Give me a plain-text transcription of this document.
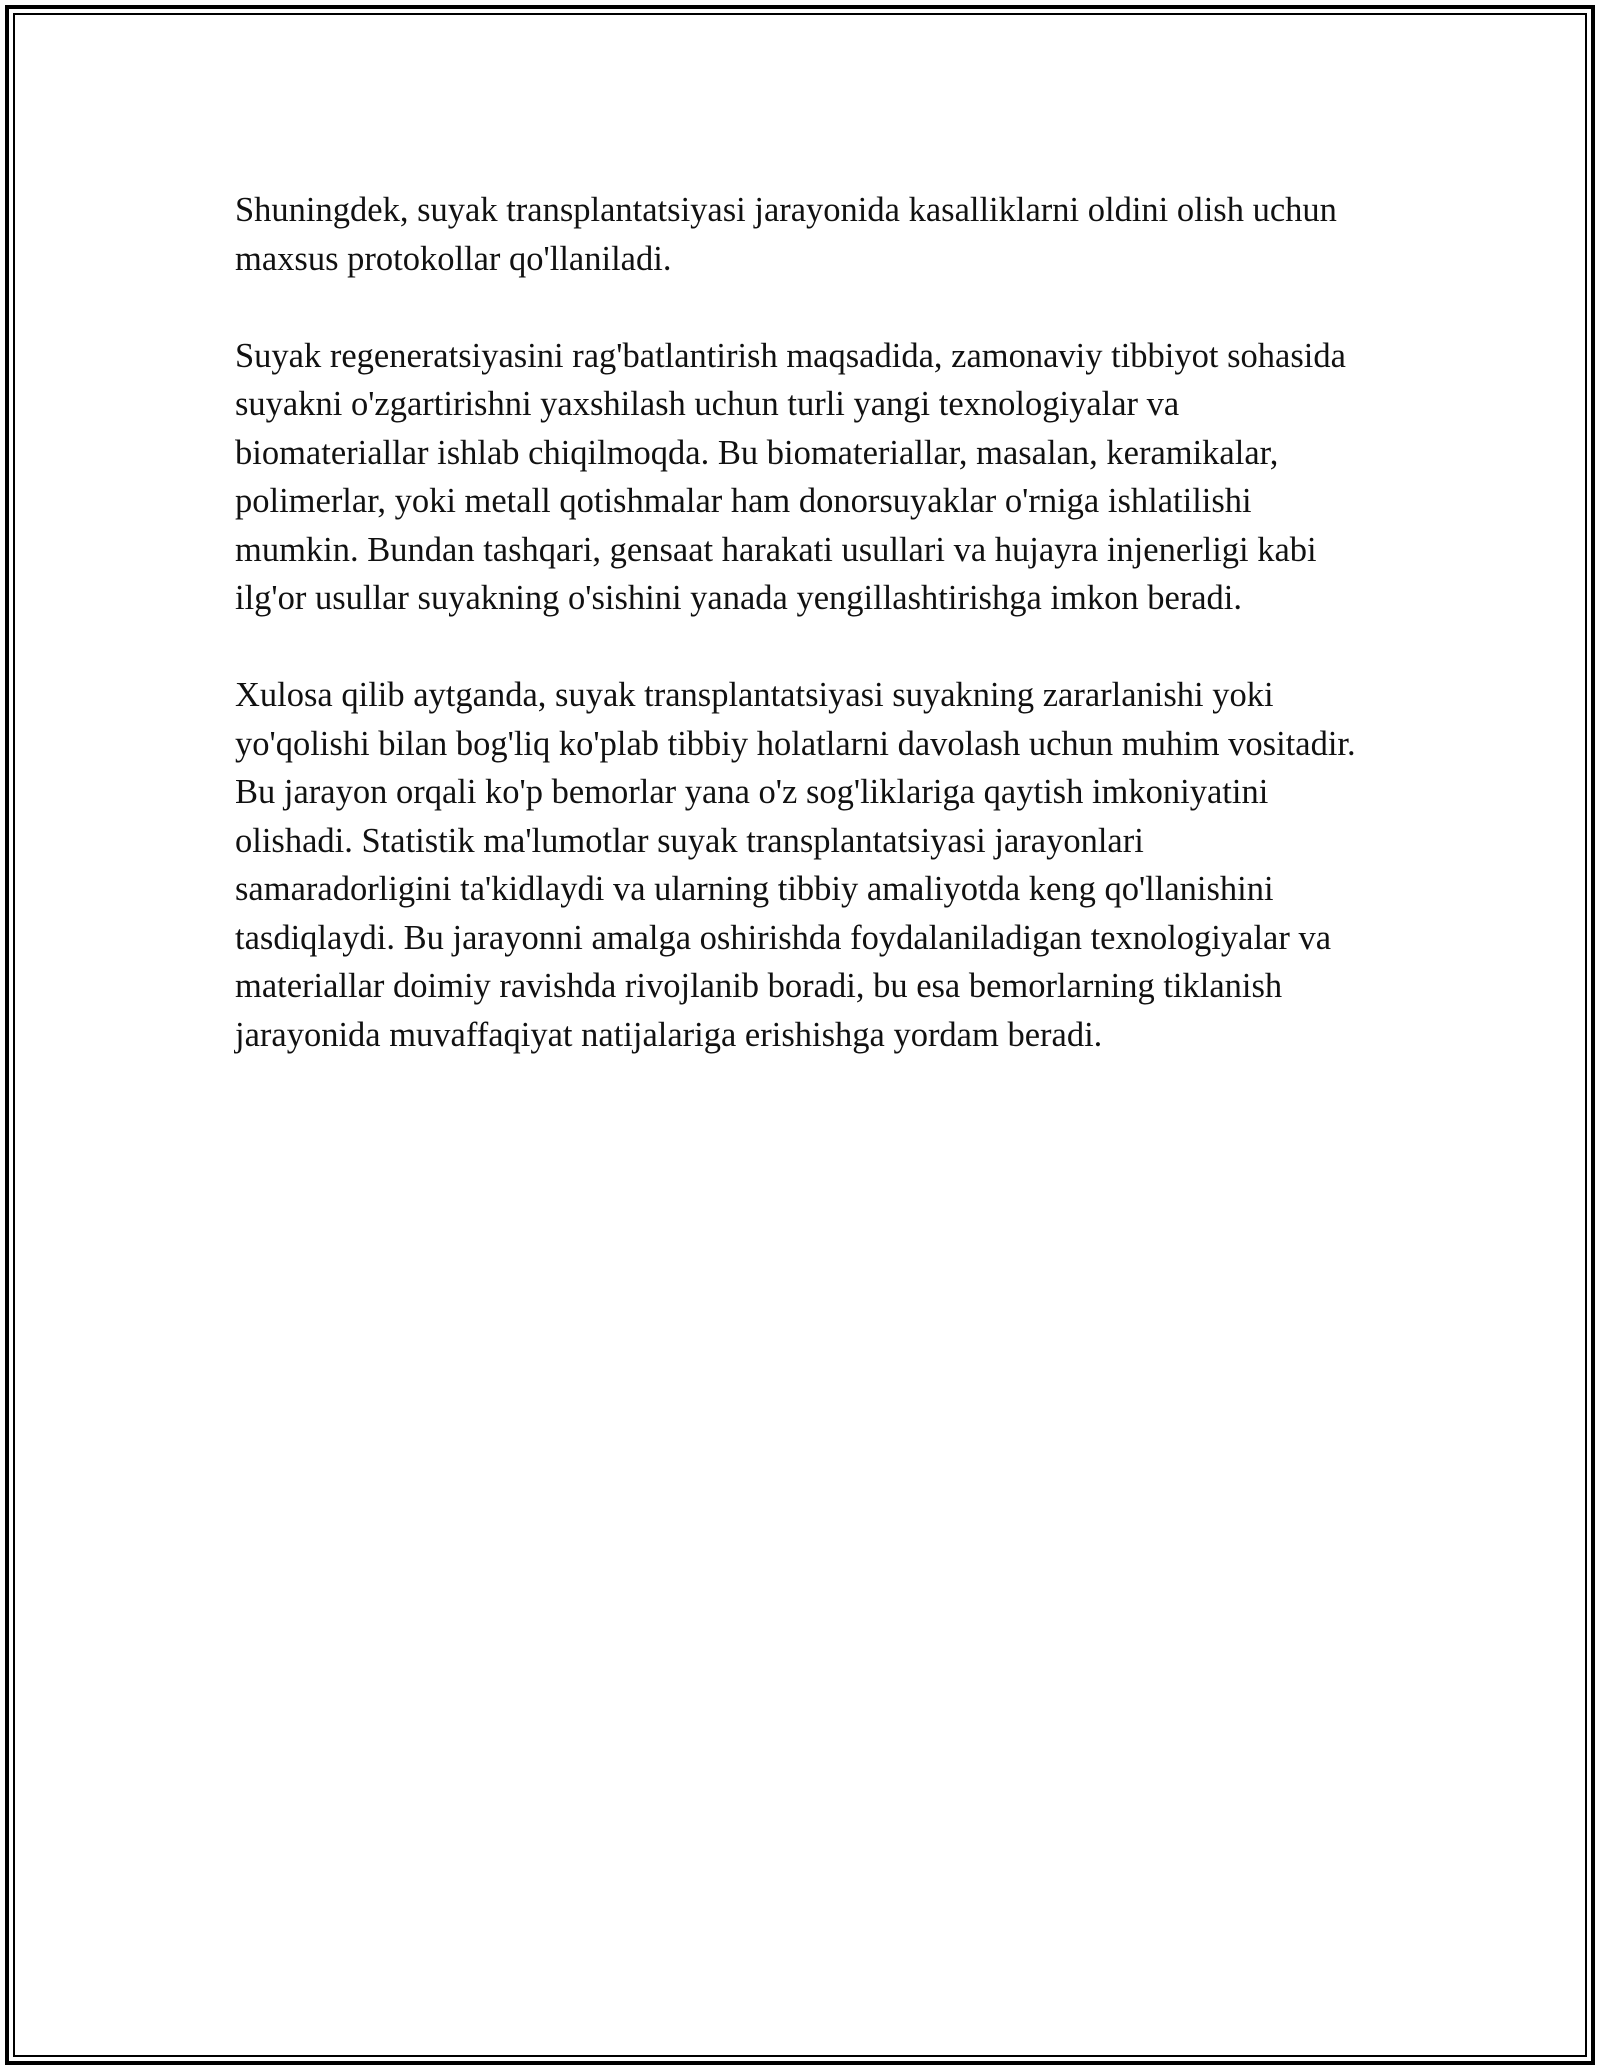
Shuningdek, suyak transplantatsiyasi jarayonida kasalliklarni oldini olish uchun maxsus protokollar qo'llaniladi.

Suyak regeneratsiyasini rag'batlantirish maqsadida, zamonaviy tibbiyot sohasida suyakni o'zgartirishni yaxshilash uchun turli yangi texnologiyalar va biomateriallar ishlab chiqilmoqda. Bu biomateriallar, masalan, keramikalar, polimerlar, yoki metall qotishmalar ham donorsuyaklar o'rniga ishlatilishi mumkin. Bundan tashqari, gensaat harakati usullari va hujayra injenerligi kabi ilg'or usullar suyakning o'sishini yanada yengillashtirishga imkon beradi.

Xulosa qilib aytganda, suyak transplantatsiyasi suyakning zararlanishi yoki yo'qolishi bilan bog'liq ko'plab tibbiy holatlarni davolash uchun muhim vositadir. Bu jarayon orqali ko'p bemorlar yana o'z sog'liklariga qaytish imkoniyatini olishadi. Statistik ma'lumotlar suyak transplantatsiyasi jarayonlari samaradorligini ta'kidlaydi va ularning tibbiy amaliyotda keng qo'llanishini tasdiqlaydi. Bu jarayonni amalga oshirishda foydalaniladigan texnologiyalar va materiallar doimiy ravishda rivojlanib boradi, bu esa bemorlarning tiklanish jarayonida muvaffaqiyat natijalariga erishishga yordam beradi.
